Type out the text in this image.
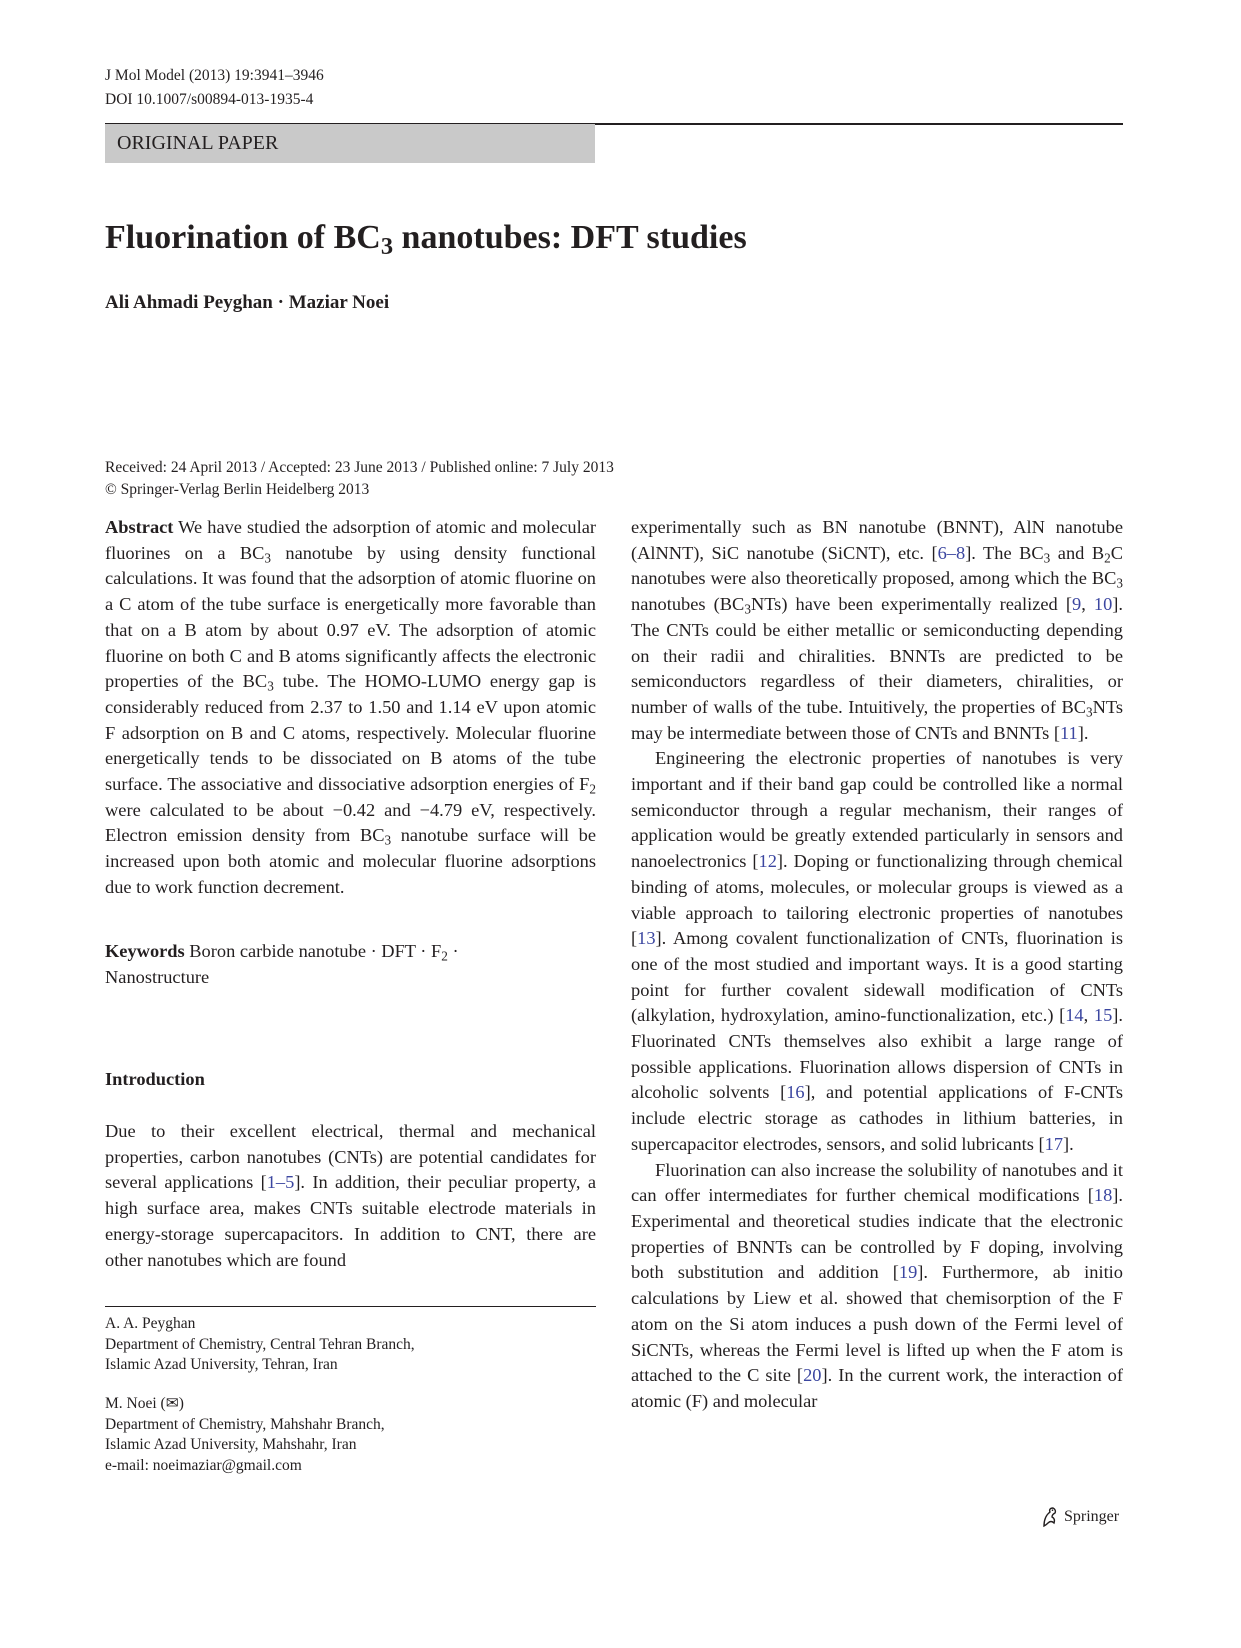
J Mol Model (2013) 19:3941–3946
DOI 10.1007/s00894-013-1935-4
ORIGINAL PAPER
Fluorination of $BC_3$ nanotubes: DFT studies
Ali Ahmadi Peyghan · Maziar Noei
Received: 24 April 2013 / Accepted: 23 June 2013 / Published online: 7 July 2013
© Springer-Verlag Berlin Heidelberg 2013

Abstract We have studied the adsorption of atomic and molecular fluorines on a $BC_3$ nanotube by using density functional calculations. It was found that the adsorption of atomic fluorine on a C atom of the tube surface is energetically more favorable than that on a B atom by about 0.97 eV. The adsorption of atomic fluorine on both C and B atoms significantly affects the electronic properties of the $BC_3$ tube. The HOMO-LUMO energy gap is considerably reduced from 2.37 to 1.50 and 1.14 eV upon atomic F adsorption on B and C atoms, respectively. Molecular fluorine energetically tends to be dissociated on B atoms of the tube surface. The associative and dissociative adsorption energies of $F_2$ were calculated to be about −0.42 and −4.79 eV, respectively. Electron emission density from $BC_3$ nanotube surface will be increased upon both atomic and molecular fluorine adsorptions due to work function decrement.

Keywords Boron carbide nanotube · DFT · $F_2$ ·
Nanostructure

Introduction

Due to their excellent electrical, thermal and mechanical properties, carbon nanotubes (CNTs) are potential candidates for several applications [1–5]. In addition, their peculiar property, a high surface area, makes CNTs suitable electrode materials in energy-storage supercapacitors. In addition to CNT, there are other nanotubes which are found

A. A. Peyghan
Department of Chemistry, Central Tehran Branch,
Islamic Azad University, Tehran, Iran
M. Noei (✉)
Department of Chemistry, Mahshahr Branch,
Islamic Azad University, Mahshahr, Iran
e-mail: noeimaziar@gmail.com

experimentally such as BN nanotube (BNNT), AlN nanotube (AlNNT), SiC nanotube (SiCNT), etc. [6–8]. The $BC_3$ and $B_2C$ nanotubes were also theoretically proposed, among which the $BC_3$ nanotubes $(BC_3NTs)$ have been experimentally realized [9, 10]. The CNTs could be either metallic or semiconducting depending on their radii and chiralities. BNNTs are predicted to be semiconductors regardless of their diameters, chiralities, or number of walls of the tube. Intuitively, the properties of $BC_3NTs$ may be intermediate between those of CNTs and BNNTs [11].

Engineering the electronic properties of nanotubes is very important and if their band gap could be controlled like a normal semiconductor through a regular mechanism, their ranges of application would be greatly extended particularly in sensors and nanoelectronics [12]. Doping or functionalizing through chemical binding of atoms, molecules, or molecular groups is viewed as a viable approach to tailoring electronic properties of nanotubes [13]. Among covalent functionalization of CNTs, fluorination is one of the most studied and important ways. It is a good starting point for further covalent sidewall modification of CNTs (alkylation, hydroxylation, amino-functionalization, etc.) [14, 15]. Fluorinated CNTs themselves also exhibit a large range of possible applications. Fluorination allows dispersion of CNTs in alcoholic solvents [16], and potential applications of F-CNTs include electric storage as cathodes in lithium batteries, in supercapacitor electrodes, sensors, and solid lubricants [17].

Fluorination can also increase the solubility of nanotubes and it can offer intermediates for further chemical modifications [18]. Experimental and theoretical studies indicate that the electronic properties of BNNTs can be controlled by F doping, involving both substitution and addition [19]. Furthermore, ab initio calculations by Liew et al. showed that chemisorption of the F atom on the Si atom induces a push down of the Fermi level of SiCNTs, whereas the Fermi level is lifted up when the F atom is attached to the C site [20]. In the current work, the interaction of atomic (F) and molecular

Springer
